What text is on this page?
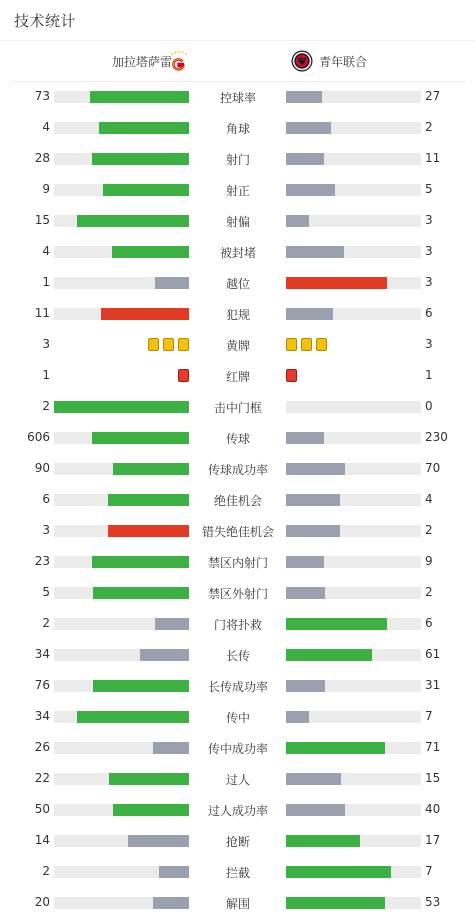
技术统计
加拉塔萨雷	青年联合
73	控球率	27
4	角球	2
28	射门	11
9	射正	5
15	射偏	3
4	被封堵	3
1	越位	3
11	犯规	6
3	黄牌	3
1	红牌	1
2	击中门框	0
606	传球	230
90	传球成功率	70
6	绝佳机会	4
3	错失绝佳机会	2
23	禁区内射门	9
5	禁区外射门	2
2	门将扑救	6
34	长传	61
76	长传成功率	31
34	传中	7
26	传中成功率	71
22	过人	15
50	过人成功率	40
14	抢断	17
2	拦截	7
20	解围	53
